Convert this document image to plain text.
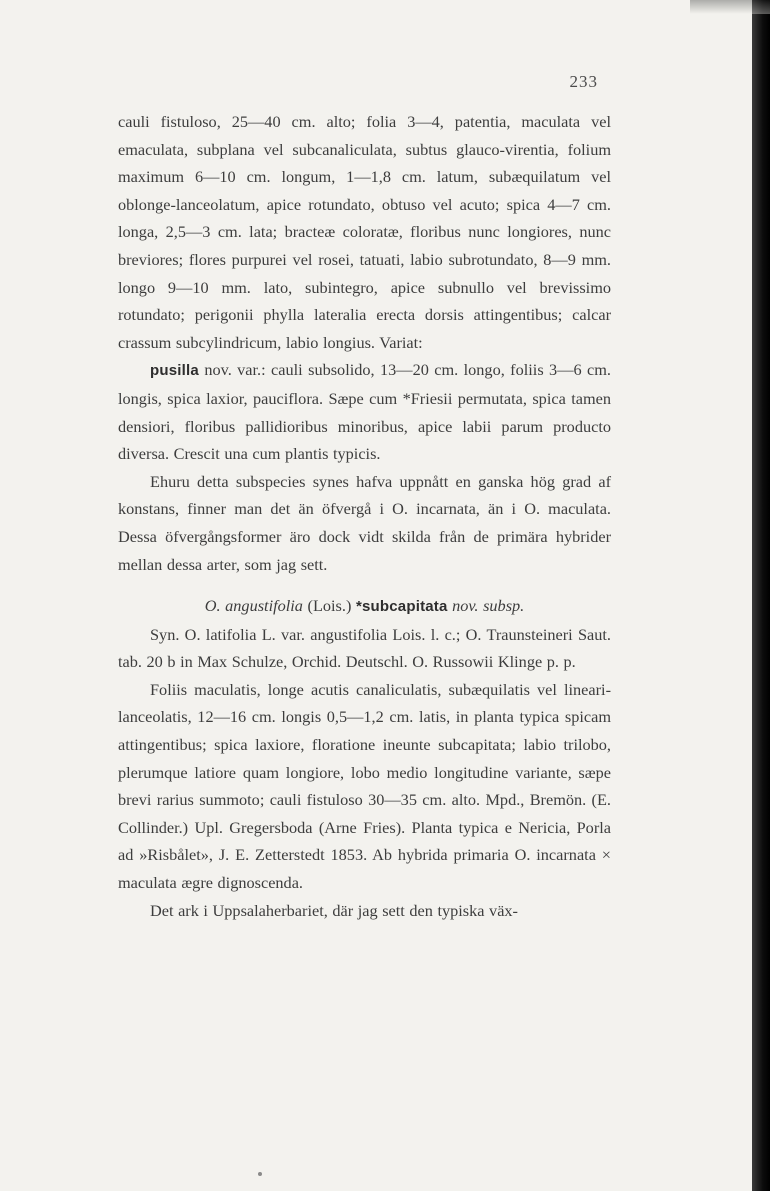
233

cauli fistuloso, 25—40 cm. alto; folia 3—4, patentia, maculata vel emaculata, subplana vel subcanaliculata, subtus glauco-virentia, folium maximum 6—10 cm. longum, 1—1,8 cm. latum, subæquilatum vel oblonge-lanceolatum, apice rotundato, obtuso vel acuto; spica 4—7 cm. longa, 2,5—3 cm. lata; bracteæ coloratæ, floribus nunc longiores, nunc breviores; flores purpurei vel rosei, tatuati, labio subrotundato, 8—9 mm. longo 9—10 mm. lato, subintegro, apice subnullo vel brevissimo rotundato; perigonii phylla lateralia erecta dorsis attingentibus; calcar crassum subcylindricum, labio longius. Variat:

pusilla nov. var.: cauli subsolido, 13—20 cm. longo, foliis 3—6 cm. longis, spica laxior, pauciflora. Sæpe cum *Friesii permutata, spica tamen densiori, floribus pallidioribus minoribus, apice labii parum producto diversa. Crescit una cum plantis typicis.

Ehuru detta subspecies synes hafva uppnått en ganska hög grad af konstans, finner man det än öfvergå i O. incarnata, än i O. maculata. Dessa öfvergångsformer äro dock vidt skilda från de primära hybrider mellan dessa arter, som jag sett.

O. angustifolia (Lois.) *subcapitata nov. subsp.

Syn. O. latifolia L. var. angustifolia Lois. l. c.; O. Traunsteineri Saut. tab. 20 b in Max Schulze, Orchid. Deutschl. O. Russowii Klinge p. p.

Foliis maculatis, longe acutis canaliculatis, subæquilatis vel lineari-lanceolatis, 12—16 cm. longis 0,5—1,2 cm. latis, in planta typica spicam attingentibus; spica laxiore, floratione ineunte subcapitata; labio trilobo, plerumque latiore quam longiore, lobo medio longitudine variante, sæpe brevi rarius summoto; cauli fistuloso 30—35 cm. alto. Mpd., Bremön. (E. Collinder.) Upl. Gregersboda (Arne Fries). Planta typica e Nericia, Porla ad »Risbålet», J. E. Zetterstedt 1853. Ab hybrida primaria O. incarnata × maculata ægre dignoscenda.

Det ark i Uppsalaherbariet, där jag sett den typiska väx-
